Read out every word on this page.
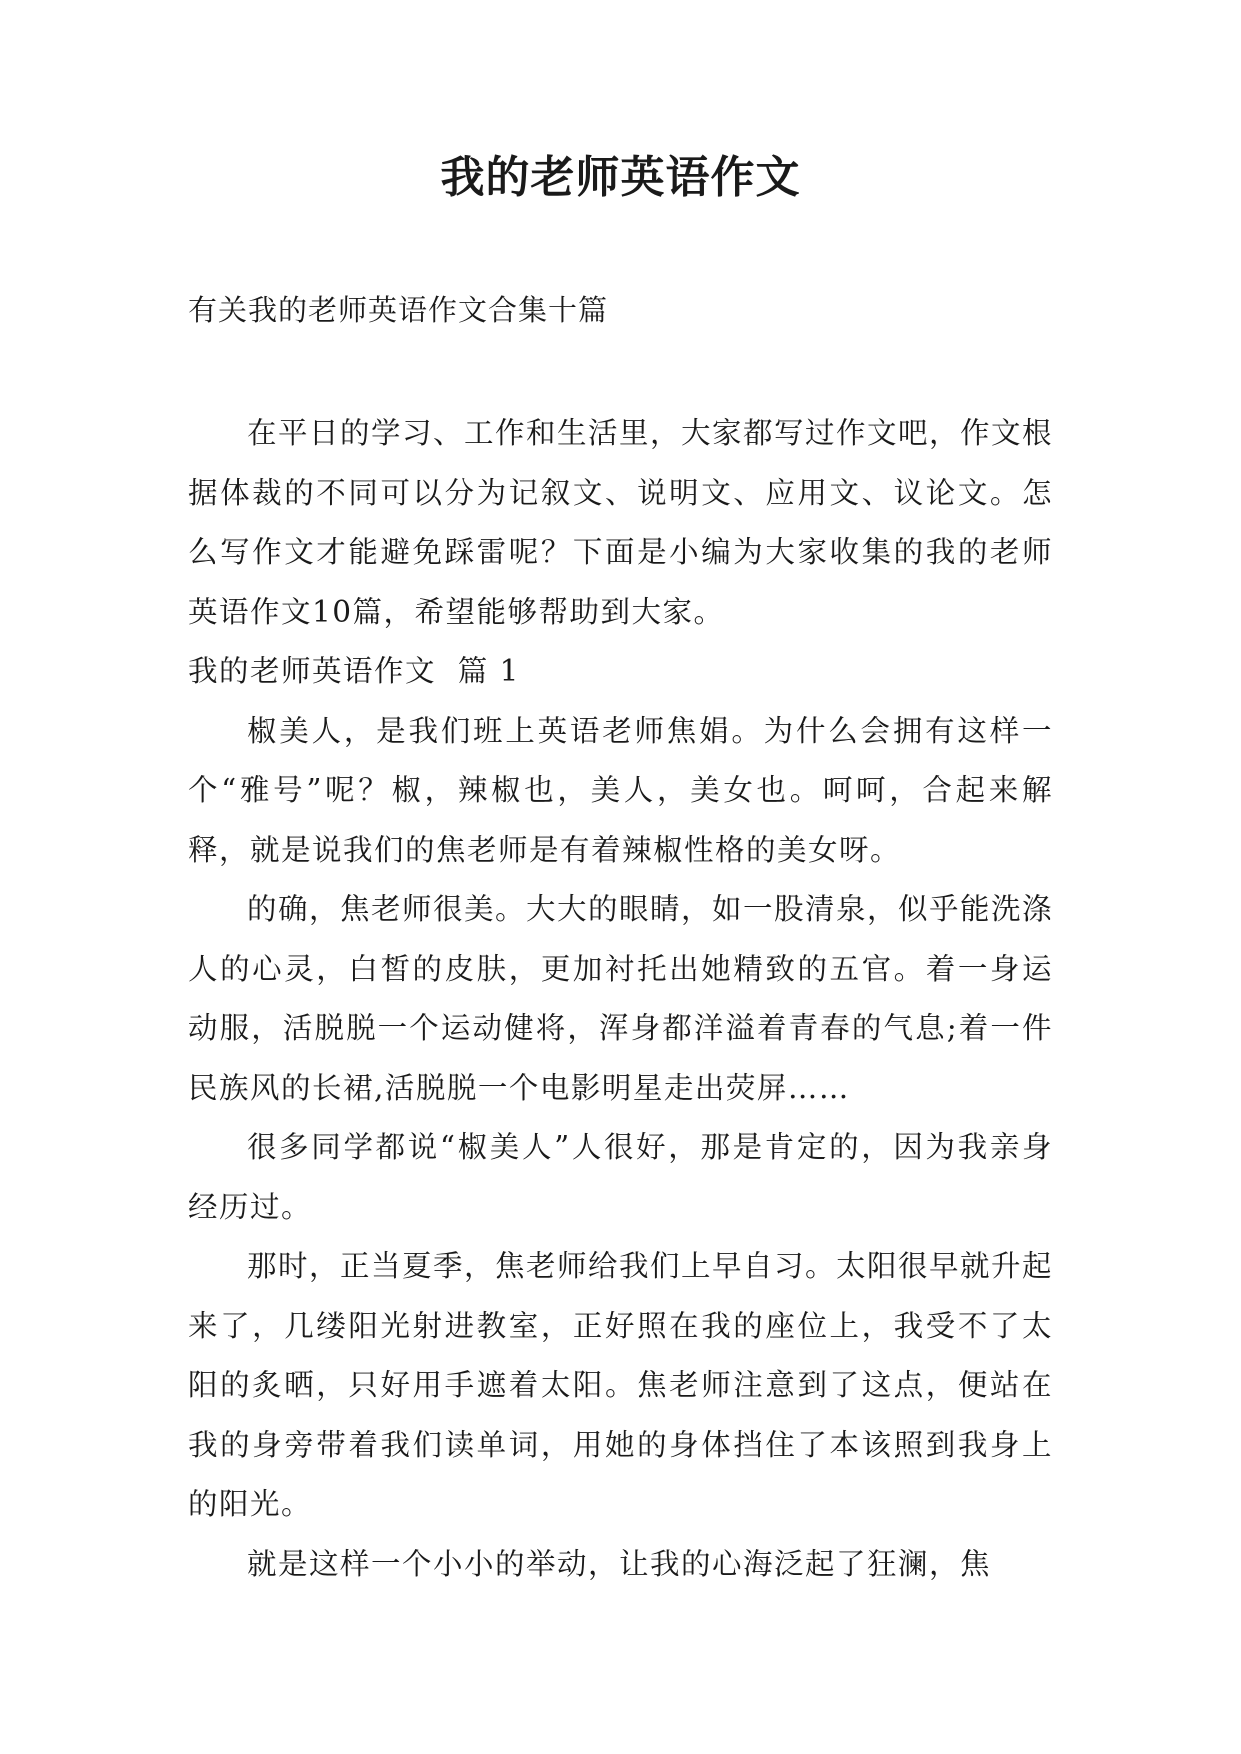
我的老师英语作文

有关我的老师英语作文合集十篇

在平日的学习、工作和生活里，大家都写过作文吧，作文根据体裁的不同可以分为记叙文、说明文、应用文、议论文。怎么写作文才能避免踩雷呢？下面是小编为大家收集的我的老师英语作文10篇，希望能够帮助到大家。

我的老师英语作文  篇 1

椒美人，是我们班上英语老师焦娟。为什么会拥有这样一个“雅号”呢？椒，辣椒也，美人，美女也。呵呵，合起来解释，就是说我们的焦老师是有着辣椒性格的美女呀。

的确，焦老师很美。大大的眼睛，如一股清泉，似乎能洗涤人的心灵，白皙的皮肤，更加衬托出她精致的五官。着一身运动服，活脱脱一个运动健将，浑身都洋溢着青春的气息;着一件民族风的长裙,活脱脱一个电影明星走出荧屏……

很多同学都说“椒美人”人很好，那是肯定的，因为我亲身经历过。

那时，正当夏季，焦老师给我们上早自习。太阳很早就升起来了，几缕阳光射进教室，正好照在我的座位上，我受不了太阳的炙晒，只好用手遮着太阳。焦老师注意到了这点，便站在我的身旁带着我们读单词，用她的身体挡住了本该照到我身上的阳光。

就是这样一个小小的举动，让我的心海泛起了狂澜，焦
